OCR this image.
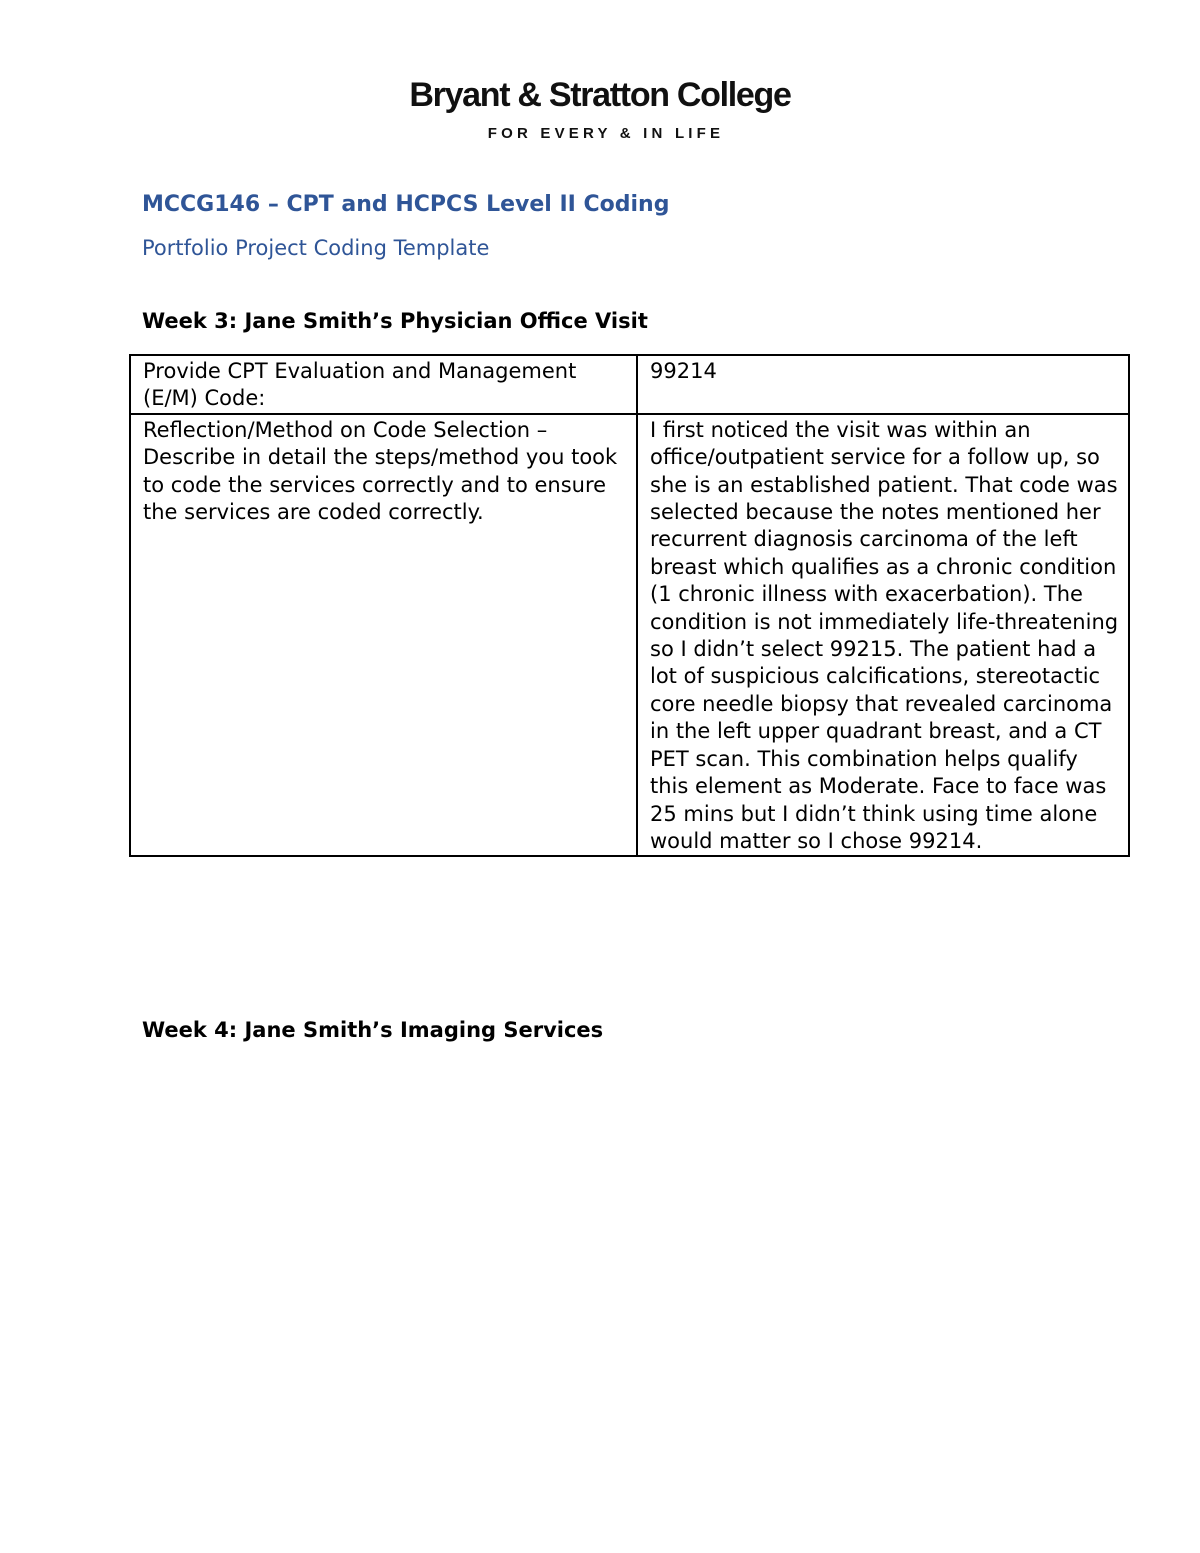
Bryant & Stratton College
FOR EVERY & IN LIFE
MCCG146 – CPT and HCPCS Level II Coding

Portfolio Project Coding Template

Week 3: Jane Smith’s Physician Office Visit
Provide CPT Evaluation and Management (E/M) Code:	99214
Reflection/Method on Code Selection – Describe in detail the steps/method you took to code the services correctly and to ensure the services are coded correctly.	I first noticed the visit was within an office/outpatient service for a follow up, so she is an established patient. That code was selected because the notes mentioned her recurrent diagnosis carcinoma of the left breast which qualifies as a chronic condition (1 chronic illness with exacerbation). The condition is not immediately life-threatening so I didn’t select 99215. The patient had a lot of suspicious calcifications, stereotactic core needle biopsy that revealed carcinoma in the left upper quadrant breast, and a CT PET scan. This combination helps qualify this element as Moderate. Face to face was 25 mins but I didn’t think using time alone would matter so I chose 99214.
Week 4: Jane Smith’s Imaging Services
